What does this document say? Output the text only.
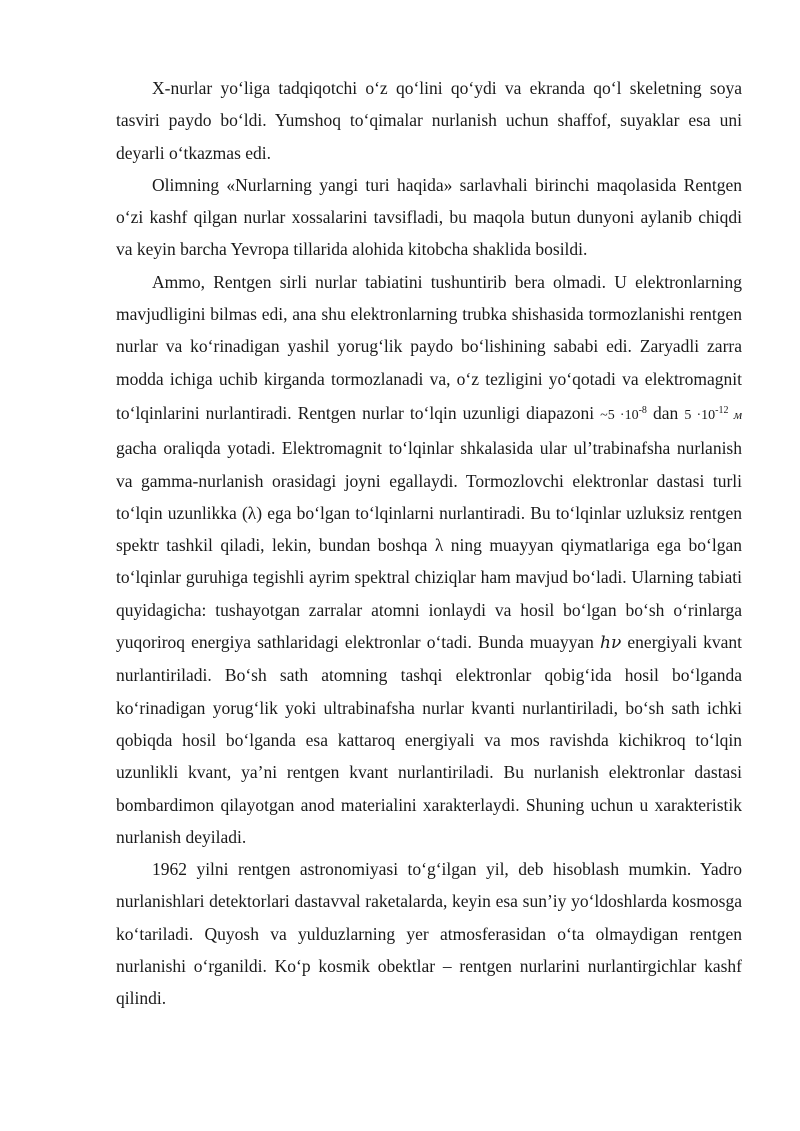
X-nurlar yo‘liga tadqiqotchi o‘z qo‘lini qo‘ydi va ekranda qo‘l skeletning soya tasviri paydo bo‘ldi. Yumshoq to‘qimalar nurlanish uchun shaffof, suyaklar esa uni deyarli o‘tkazmas edi.

Olimning «Nurlarning yangi turi haqida» sarlavhali birinchi maqolasida Rentgen o‘zi kashf qilgan nurlar xossalarini tavsifladi, bu maqola butun dunyoni aylanib chiqdi va keyin barcha Yevropa tillarida alohida kitobcha shaklida bosildi.

Ammo, Rentgen sirli nurlar tabiatini tushuntirib bera olmadi. U elektronlarning mavjudligini bilmas edi, ana shu elektronlarning trubka shishasida tormozlanishi rentgen nurlar va ko‘rinadigan yashil yorug‘lik paydo bo‘lishining sababi edi. Zaryadli zarra modda ichiga uchib kirganda tormozlanadi va, o‘z tezligini yo‘qotadi va elektromagnit to‘lqinlarini nurlantiradi. Rentgen nurlar to‘lqin uzunligi diapazoni ~5 $\cdot 10^{-8}$ dan $5 \cdot 10^{-12}$ м gacha oraliqda yotadi. Elektromagnit to‘lqinlar shkalasida ular ul’trabinafsha nurlanish va gamma-nurlanish orasidagi joyni egallaydi. Tormozlovchi elektronlar dastasi turli to‘lqin uzunlikka (λ) ega bo‘lgan to‘lqinlarni nurlantiradi. Bu to‘lqinlar uzluksiz rentgen spektr tashkil qiladi, lekin, bundan boshqa λ ning muayyan qiymatlariga ega bo‘lgan to‘lqinlar guruhiga tegishli ayrim spektral chiziqlar ham mavjud bo‘ladi. Ularning tabiati quyidagicha: tushayotgan zarralar atomni ionlaydi va hosil bo‘lgan bo‘sh o‘rinlarga yuqoriroq energiya sathlaridagi elektronlar o‘tadi. Bunda muayyan hν energiyali kvant nurlantiriladi. Bo‘sh sath atomning tashqi elektronlar qobig‘ida hosil bo‘lganda ko‘rinadigan yorug‘lik yoki ultrabinafsha nurlar kvanti nurlantiriladi, bo‘sh sath ichki qobiqda hosil bo‘lganda esa kattaroq energiyali va mos ravishda kichikroq to‘lqin uzunlikli kvant, ya’ni rentgen kvant nurlantiriladi. Bu nurlanish elektronlar dastasi bombardimon qilayotgan anod materialini xarakterlaydi. Shuning uchun u xarakteristik nurlanish deyiladi.

1962 yilni rentgen astronomiyasi to‘g‘ilgan yil, deb hisoblash mumkin. Yadro nurlanishlari detektorlari dastavval raketalarda, keyin esa sun’iy yo‘ldoshlarda kosmosga ko‘tariladi. Quyosh va yulduzlarning yer atmosferasidan o‘ta olmaydigan rentgen nurlanishi o‘rganildi. Ko‘p kosmik obektlar – rentgen nurlarini nurlantirgichlar kashf qilindi.
